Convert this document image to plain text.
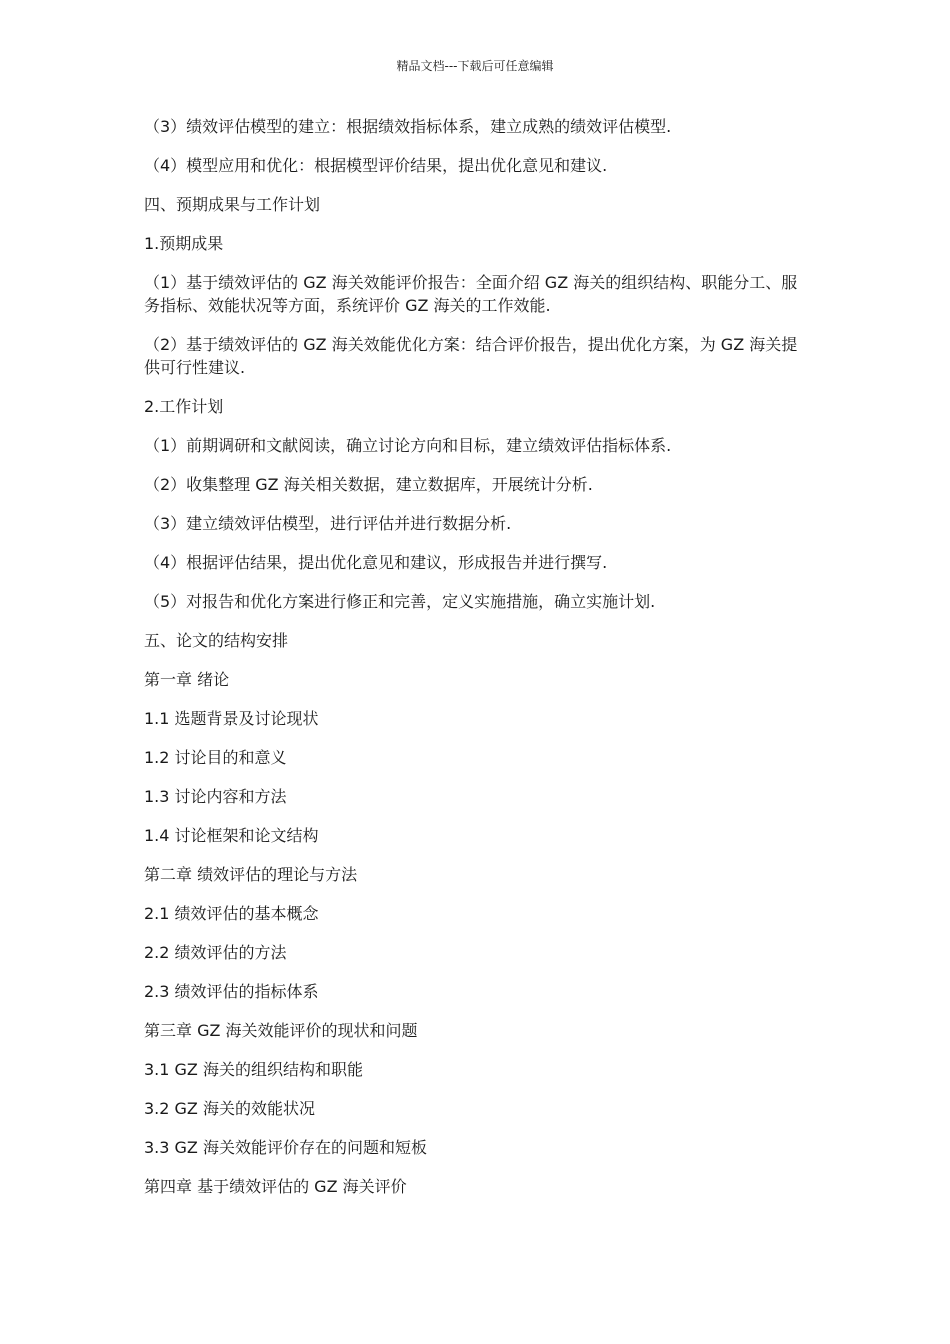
精品文档---下载后可任意编辑

（3）绩效评估模型的建立：根据绩效指标体系，建立成熟的绩效评估模型.

（4）模型应用和优化：根据模型评价结果，提出优化意见和建议.

四、预期成果与工作计划

1.预期成果

（1）基于绩效评估的 GZ 海关效能评价报告：全面介绍 GZ 海关的组织结构、职能分工、服务指标、效能状况等方面，系统评价 GZ 海关的工作效能.

（2）基于绩效评估的 GZ 海关效能优化方案：结合评价报告，提出优化方案，为 GZ 海关提供可行性建议.

2.工作计划

（1）前期调研和文献阅读，确立讨论方向和目标，建立绩效评估指标体系.

（2）收集整理 GZ 海关相关数据，建立数据库，开展统计分析.

（3）建立绩效评估模型，进行评估并进行数据分析.

（4）根据评估结果，提出优化意见和建议，形成报告并进行撰写.

（5）对报告和优化方案进行修正和完善，定义实施措施，确立实施计划.

五、论文的结构安排

第一章 绪论

1.1 选题背景及讨论现状

1.2 讨论目的和意义

1.3 讨论内容和方法

1.4 讨论框架和论文结构

第二章 绩效评估的理论与方法

2.1 绩效评估的基本概念

2.2 绩效评估的方法

2.3 绩效评估的指标体系

第三章 GZ 海关效能评价的现状和问题

3.1 GZ 海关的组织结构和职能

3.2 GZ 海关的效能状况

3.3 GZ 海关效能评价存在的问题和短板

第四章 基于绩效评估的 GZ 海关评价
